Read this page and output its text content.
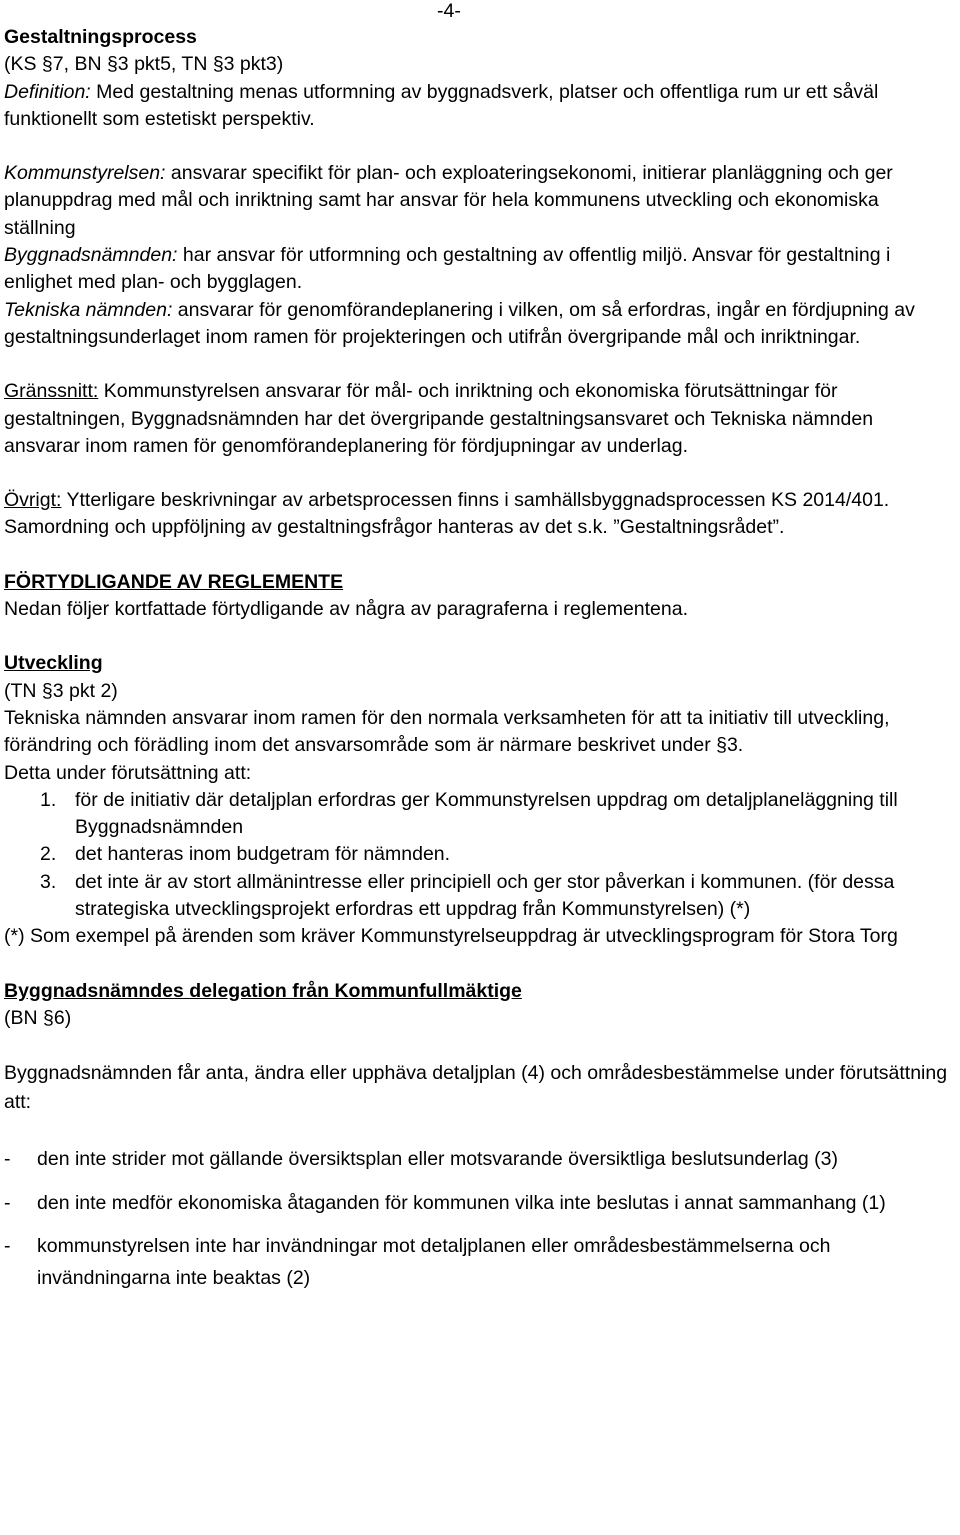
-4-

Gestaltningsprocess

(KS §7, BN §3 pkt5, TN §3 pkt3)

Definition: Med gestaltning menas utformning av byggnadsverk, platser och offentliga rum ur ett såväl funktionellt som estetiskt perspektiv.

Kommunstyrelsen: ansvarar specifikt för plan- och exploateringsekonomi, initierar planläggning och ger planuppdrag med mål och inriktning samt har ansvar för hela kommunens utveckling och ekonomiska ställning

Byggnadsnämnden: har ansvar för utformning och gestaltning av offentlig miljö. Ansvar för gestaltning i enlighet med plan- och bygglagen.

Tekniska nämnden: ansvarar för genomförandeplanering i vilken, om så erfordras, ingår en fördjupning av gestaltningsunderlaget inom ramen för projekteringen och utifrån övergripande mål och inriktningar.

Gränssnitt: Kommunstyrelsen ansvarar för mål- och inriktning och ekonomiska förutsättningar för gestaltningen, Byggnadsnämnden har det övergripande gestaltningsansvaret och Tekniska nämnden ansvarar inom ramen för genomförandeplanering för fördjupningar av underlag.

Övrigt: Ytterligare beskrivningar av arbetsprocessen finns i samhällsbyggnadsprocessen KS 2014/401. Samordning och uppföljning av gestaltningsfrågor hanteras av det s.k. ”Gestaltningsrådet”.

FÖRTYDLIGANDE AV REGLEMENTE

Nedan följer kortfattade förtydligande av några av paragraferna i reglementena.

Utveckling

(TN §3 pkt 2)

Tekniska nämnden ansvarar inom ramen för den normala verksamheten för att ta initiativ till utveckling, förändring och förädling inom det ansvarsområde som är närmare beskrivet under §3.

Detta under förutsättning att:

1. för de initiativ där detaljplan erfordras ger Kommunstyrelsen uppdrag om detaljplaneläggning till Byggnadsnämnden
2. det hanteras inom budgetram för nämnden.
3. det inte är av stort allmänintresse eller principiell och ger stor påverkan i kommunen. (för dessa strategiska utvecklingsprojekt erfordras ett uppdrag från Kommunstyrelsen) (*)

(*) Som exempel på ärenden som kräver Kommunstyrelseuppdrag är utvecklingsprogram för Stora Torg

Byggnadsnämndes delegation från Kommunfullmäktige

(BN §6)

Byggnadsnämnden får anta, ändra eller upphäva detaljplan (4) och områdesbestämmelse under förutsättning att:

- den inte strider mot gällande översiktsplan eller motsvarande översiktliga beslutsunderlag (3)
- den inte medför ekonomiska åtaganden för kommunen vilka inte beslutas i annat sammanhang (1)
- kommunstyrelsen inte har invändningar mot detaljplanen eller områdesbestämmelserna och invändningarna inte beaktas (2)
